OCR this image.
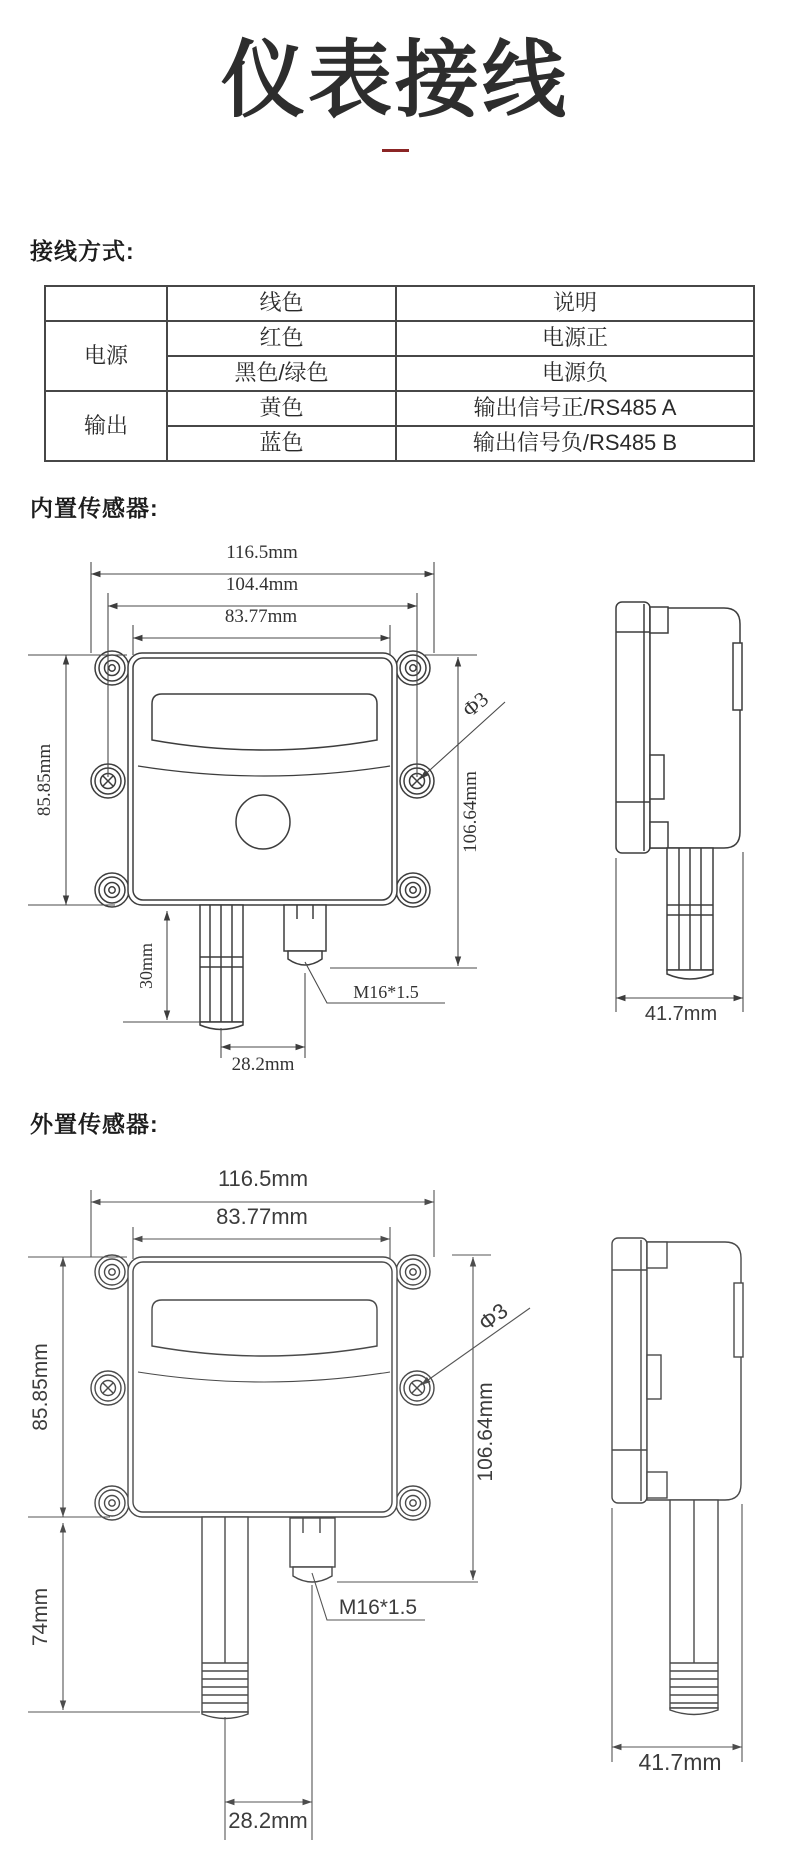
仪表接线
接线方式:
	线色	说明
电源	红色	电源正
	黑色/绿色	电源负
输出	黄色	输出信号正/RS485 A
	蓝色	输出信号负/RS485 B
内置传感器:
116.5mm
104.4mm
83.77mm
85.85mm
30mm
28.2mm
106.64mm
Φ3
M16*1.5
41.7mm
外置传感器:
116.5mm
83.77mm
85.85mm
74mm
28.2mm
106.64mm
Φ3
M16*1.5
41.7mm
